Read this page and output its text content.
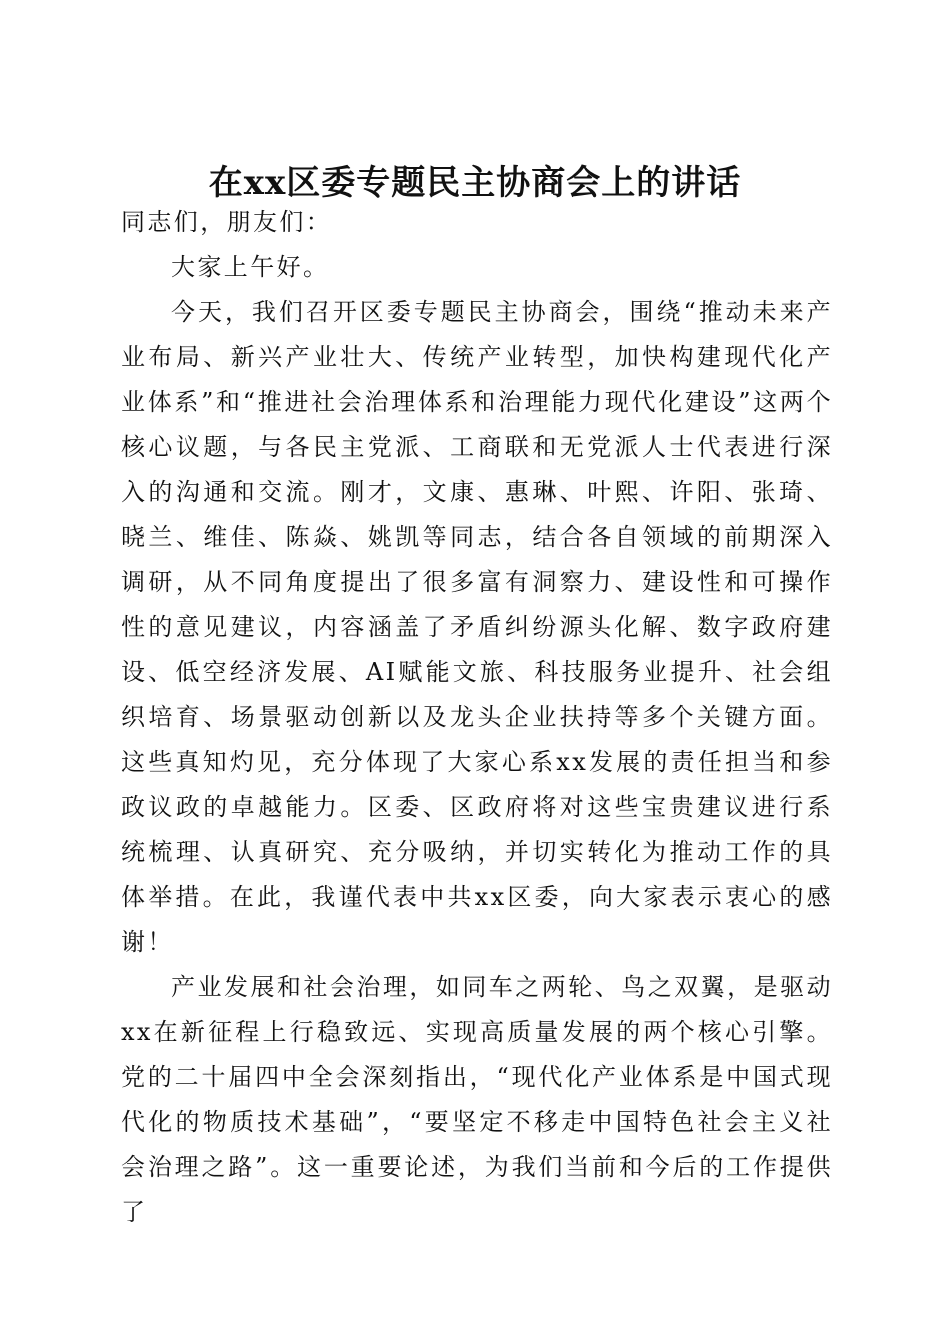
在xx区委专题民主协商会上的讲话

同志们，朋友们：

大家上午好。

今天，我们召开区委专题民主协商会，围绕“推动未来产业布局、新兴产业壮大、传统产业转型，加快构建现代化产业体系”和“推进社会治理体系和治理能力现代化建设”这两个核心议题，与各民主党派、工商联和无党派人士代表进行深入的沟通和交流。刚才，文康、惠琳、叶熙、许阳、张琦、晓兰、维佳、陈焱、姚凯等同志，结合各自领域的前期深入调研，从不同角度提出了很多富有洞察力、建设性和可操作性的意见建议，内容涵盖了矛盾纠纷源头化解、数字政府建设、低空经济发展、AI赋能文旅、科技服务业提升、社会组织培育、场景驱动创新以及龙头企业扶持等多个关键方面。这些真知灼见，充分体现了大家心系xx发展的责任担当和参政议政的卓越能力。区委、区政府将对这些宝贵建议进行系统梳理、认真研究、充分吸纳，并切实转化为推动工作的具体举措。在此，我谨代表中共xx区委，向大家表示衷心的感谢！

产业发展和社会治理，如同车之两轮、鸟之双翼，是驱动xx在新征程上行稳致远、实现高质量发展的两个核心引擎。党的二十届四中全会深刻指出，“现代化产业体系是中国式现代化的物质技术基础”，“要坚定不移走中国特色社会主义社会治理之路”。这一重要论述，为我们当前和今后的工作提供了
